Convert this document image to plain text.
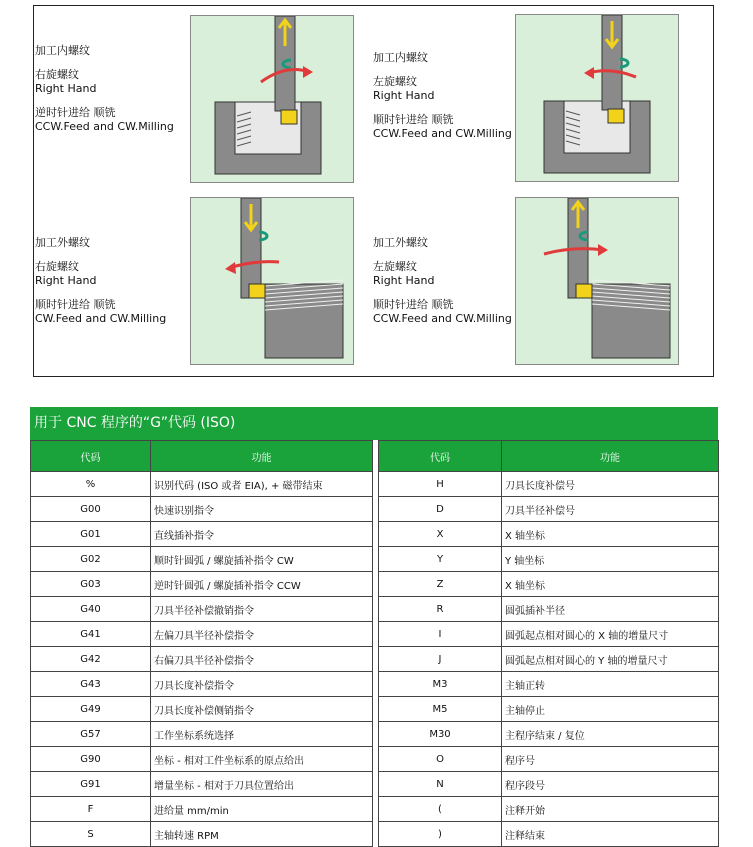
加工内螺纹
右旋螺纹
Right Hand
逆时针进给 顺铣
CCW.Feed and CW.Milling
加工内螺纹
左旋螺纹
Right Hand
顺时针进给 顺铣
CCW.Feed and CW.Milling
加工外螺纹
右旋螺纹
Right Hand
顺时针进给 顺铣
CW.Feed and CW.Milling
加工外螺纹
左旋螺纹
Right Hand
顺时针进给 顺铣
CCW.Feed and CW.Milling
用于 CNC 程序的“G”代码 (ISO)
代码	功能		代码	功能
%	识别代码 (ISO 或者 EIA), + 磁带结束		H	刀具长度补偿号
G00	快速识别指令		D	刀具半径补偿号
G01	直线插补指令		X	X 轴坐标
G02	顺时针圆弧 / 螺旋插补指令 CW		Y	Y 轴坐标
G03	逆时针圆弧 / 螺旋插补指令 CCW		Z	X 轴坐标
G40	刀具半径补偿撤销指令		R	圆弧插补半径
G41	左偏刀具半径补偿指令		I	圆弧起点相对圆心的 X 轴的增量尺寸
G42	右偏刀具半径补偿指令		J	圆弧起点相对圆心的 Y 轴的增量尺寸
G43	刀具长度补偿指令		M3	主轴正转
G49	刀具长度补偿侧销指令		M5	主轴停止
G57	工作坐标系统选择		M30	主程序结束 / 复位
G90	坐标 - 相对工件坐标系的原点给出		O	程序号
G91	增量坐标 - 相对于刀具位置给出		N	程序段号
F	进给量 mm/min		(	注释开始
S	主轴转速 RPM		)	注释结束
